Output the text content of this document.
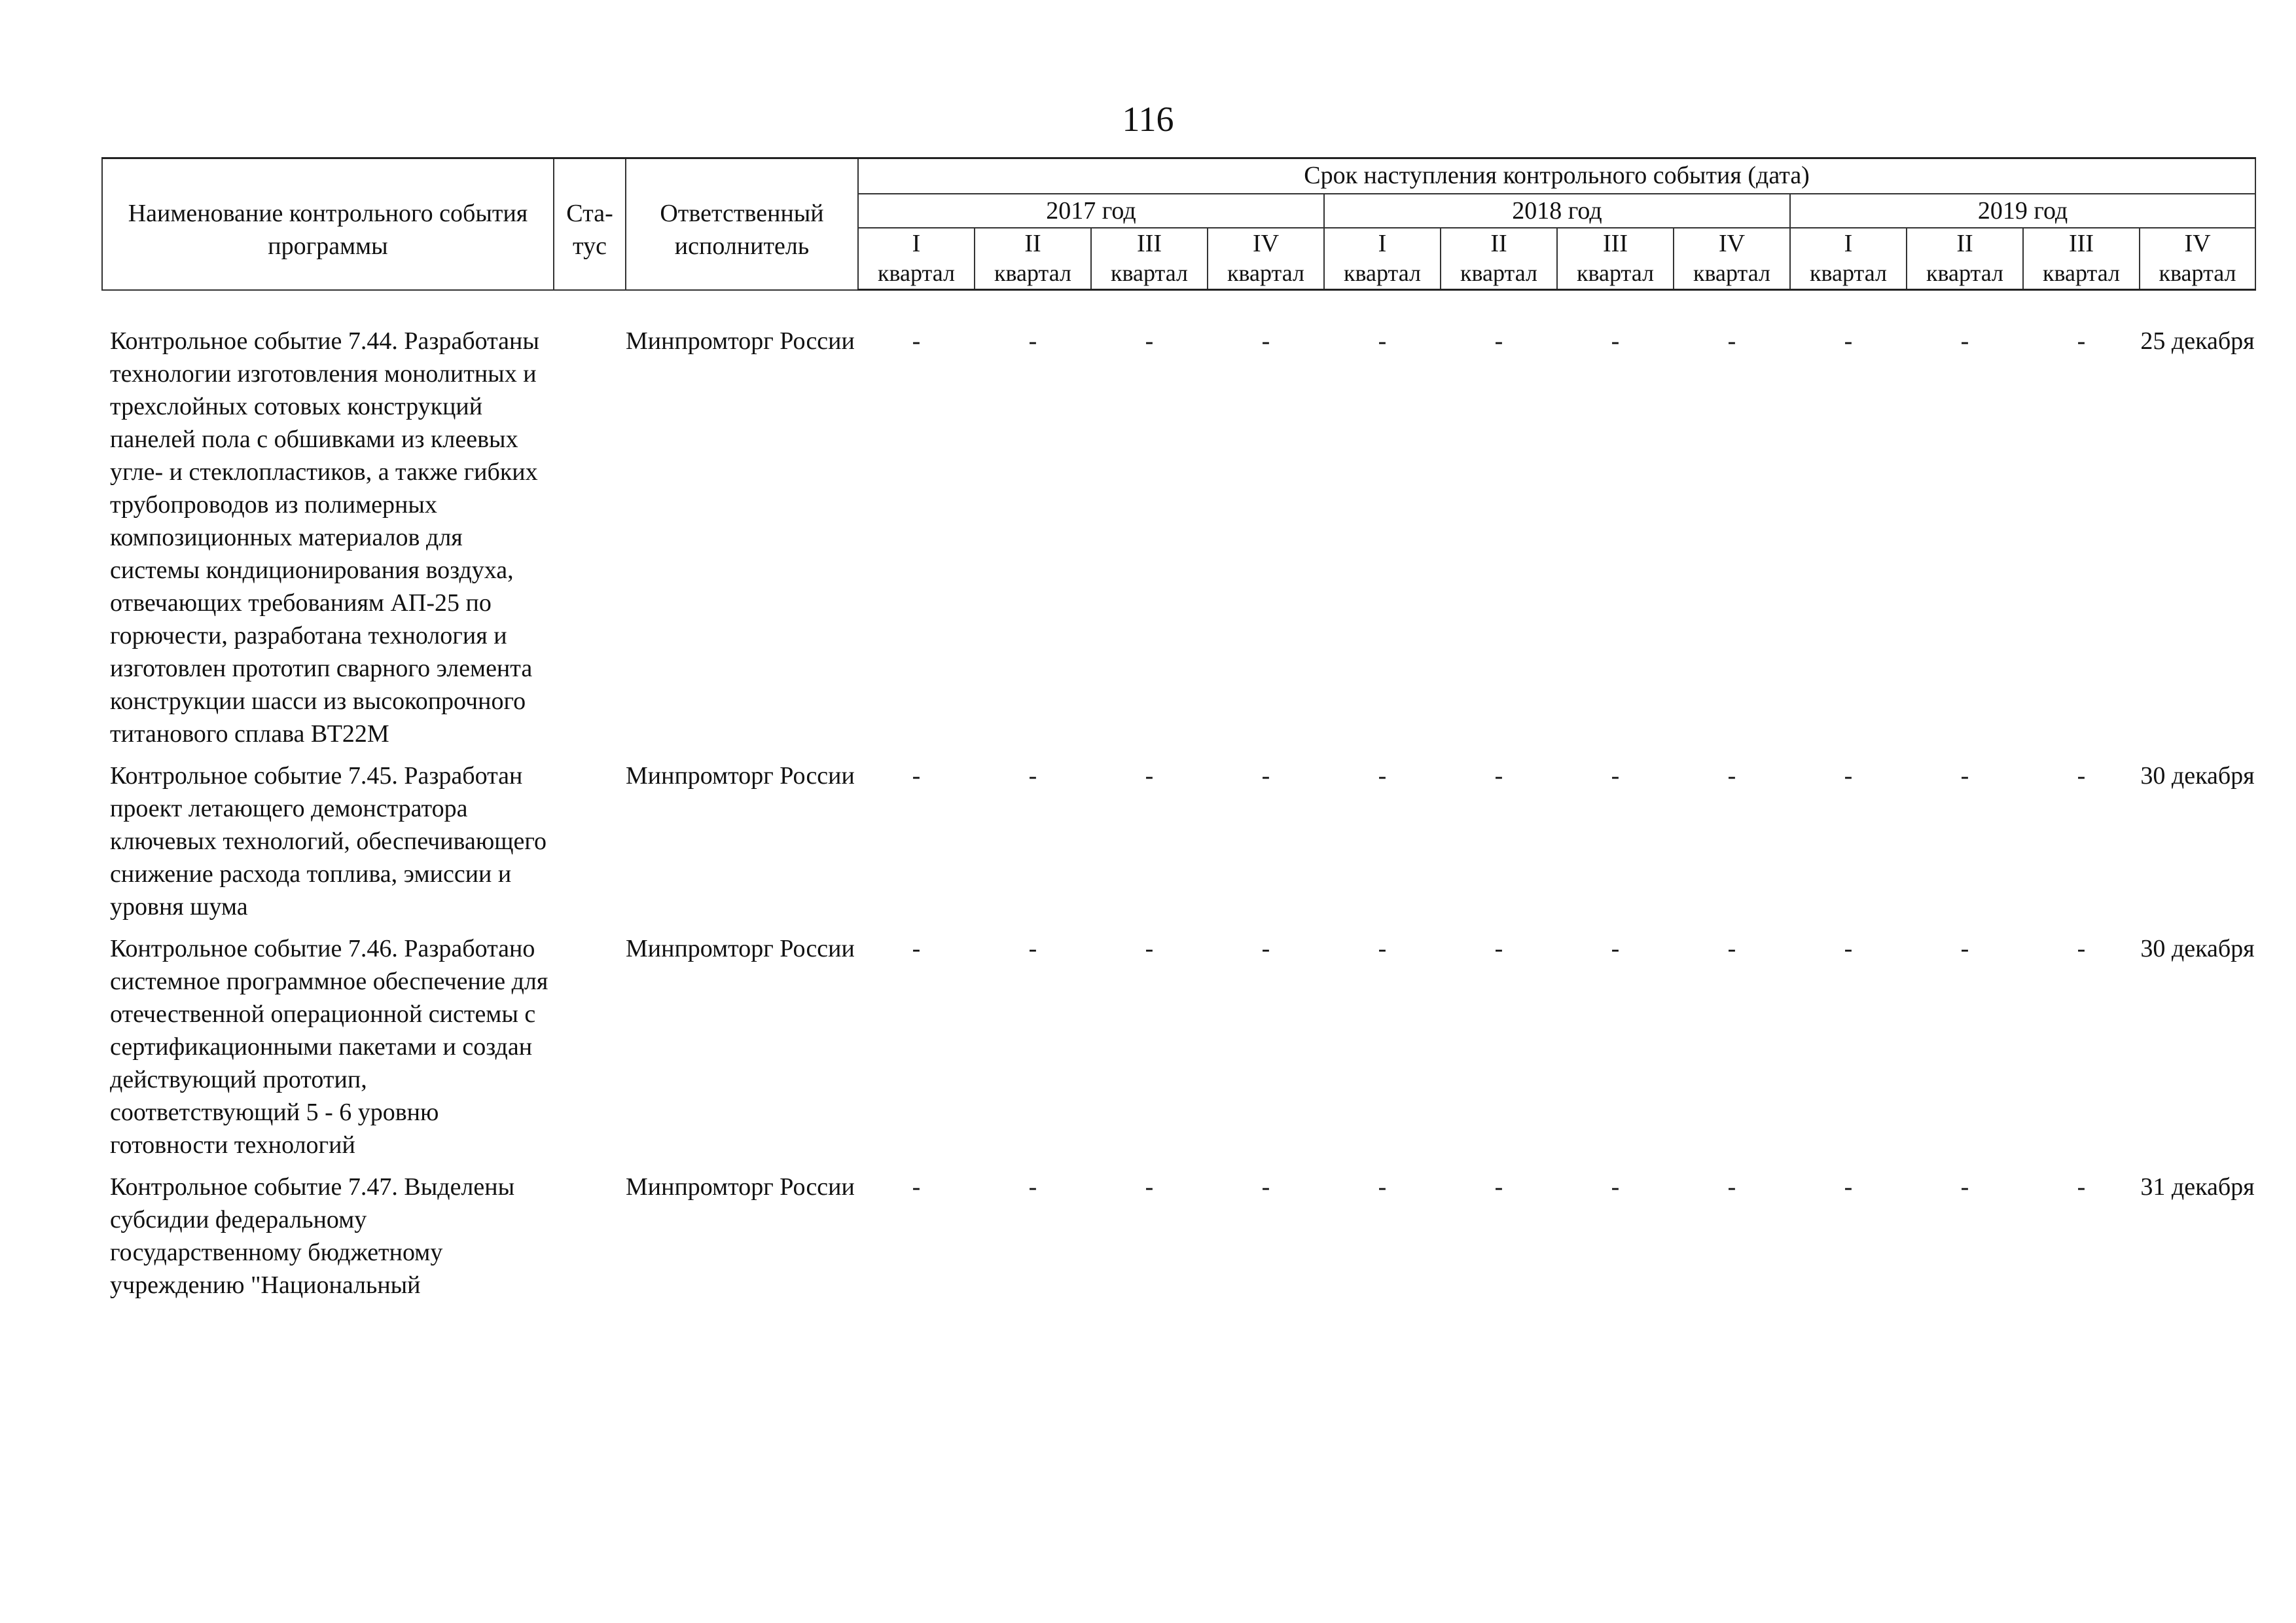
116
Наименование контрольного события программы	Ста-тус	Ответственный исполнитель	Срок наступления контрольного события (дата)											
			2017 год				2018 год				2019 год			
			I	II	III	IV	I	II	III	IV	I	II	III	IV
			квартал	квартал	квартал	квартал	квартал	квартал	квартал	квартал	квартал	квартал	квартал	квартал

Контрольное событие 7.44. Разработаны технологии изготовления монолитных и трехслойных сотовых конструкций панелей пола с обшивками из клеевых угле- и стеклопластиков, а также гибких трубопроводов из полимерных композиционных материалов для системы кондиционирования воздуха, отвечающих требованиям АП-25 по горючести, разработана технология и изготовлен прототип сварного элемента конструкции шасси из высокопрочного титанового сплава ВТ22М		Минпромторг России	-	-	-	-	-	-	-	-	-	-	-	25 декабря
Контрольное событие 7.45. Разработан проект летающего демонстратора ключевых технологий, обеспечивающего снижение расхода топлива, эмиссии и уровня шума		Минпромторг России	-	-	-	-	-	-	-	-	-	-	-	30 декабря
Контрольное событие 7.46. Разработано системное программное обеспечение для отечественной операционной системы с сертификационными пакетами и создан действующий прототип, соответствующий 5 - 6 уровню готовности технологий		Минпромторг России	-	-	-	-	-	-	-	-	-	-	-	30 декабря
Контрольное событие 7.47. Выделены субсидии федеральному государственному бюджетному учреждению "Национальный		Минпромторг России	-	-	-	-	-	-	-	-	-	-	-	31 декабря
